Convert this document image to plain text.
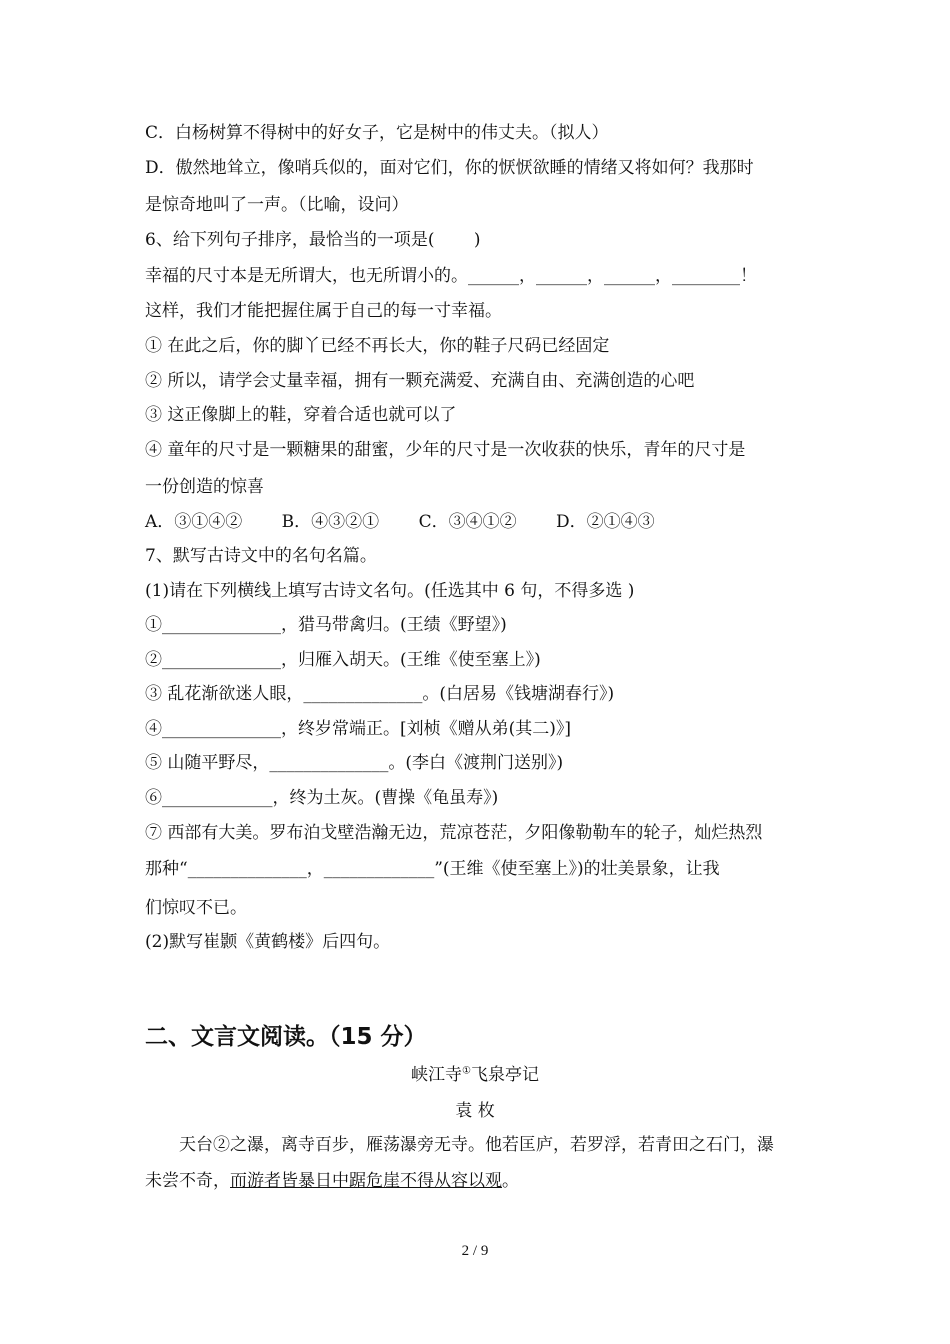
C．白杨树算不得树中的好女子，它是树中的伟丈夫。（拟人）
D．傲然地耸立，像哨兵似的，面对它们，你的恹恹欲睡的情绪又将如何？我那时
是惊奇地叫了一声。（比喻，设问）
6、给下列句子排序，最恰当的一项是(　　 )
幸福的尺寸本是无所谓大，也无所谓小的。______，______，______，________！
这样，我们才能把握住属于自己的每一寸幸福。
① 在此之后，你的脚丫已经不再长大，你的鞋子尺码已经固定
② 所以，请学会丈量幸福，拥有一颗充满爱、充满自由、充满创造的心吧
③ 这正像脚上的鞋，穿着合适也就可以了
④ 童年的尺寸是一颗糖果的甜蜜，少年的尺寸是一次收获的快乐，青年的尺寸是
一份创造的惊喜
A．③①④②　　 B．④③②①　　 C．③④①②　　 D．②①④③
7、默写古诗文中的名句名篇。
(1)请在下列横线上填写古诗文名句。(任选其中 6 句，不得多选 )
①______________，猎马带禽归。(王绩《野望》)
②______________，归雁入胡天。(王维《使至塞上》)
③ 乱花渐欲迷人眼，______________。(白居易《钱塘湖春行》)
④______________，终岁常端正。[刘桢《赠从弟(其二)》]
⑤ 山随平野尽，______________。(李白《渡荆门送别》)
⑥_____________，终为土灰。(曹操《龟虽寿》)
⑦ 西部有大美。罗布泊戈壁浩瀚无边，荒凉苍茫，夕阳像勒勒车的轮子，灿烂热烈
那种“______________，_____________”(王维《使至塞上》)的壮美景象，让我
们惊叹不已。
(2)默写崔颢《黄鹤楼》后四句。
二、文言文阅读。（15 分）
峡江寺①飞泉亭记
袁 枚
天台②之瀑，离寺百步，雁荡瀑旁无寺。他若匡庐，若罗浮，若青田之石门，瀑
未尝不奇，而游者皆暴日中踞危崖不得从容以观。
2 / 9
